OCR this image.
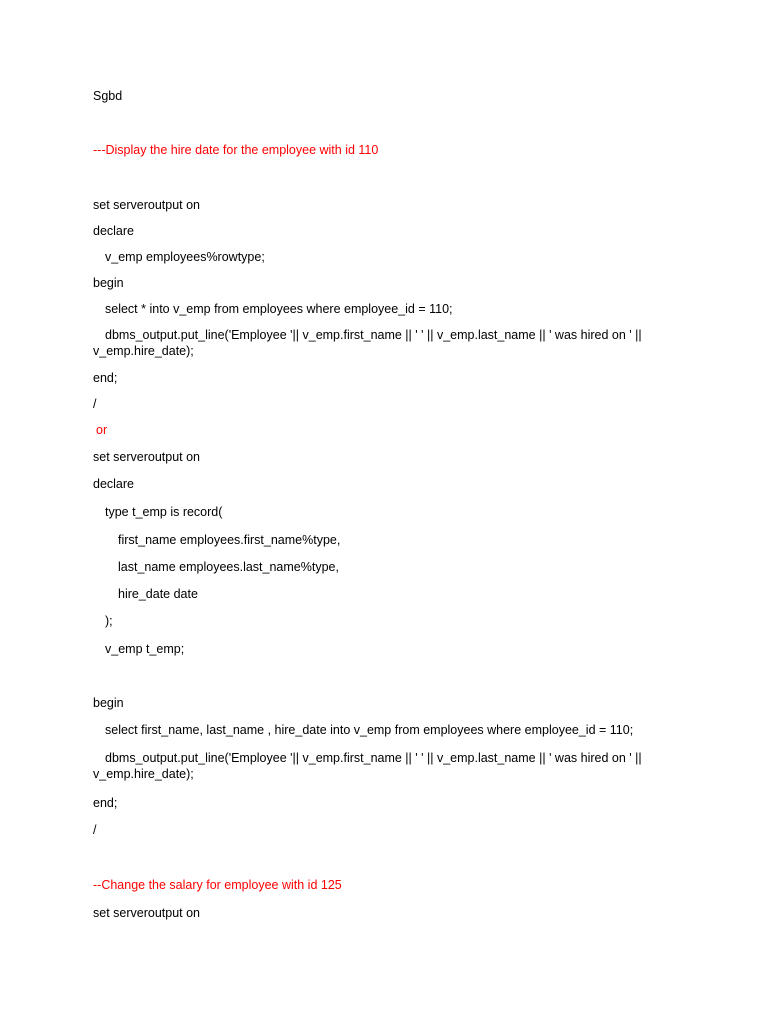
Sgbd
---Display the hire date for the employee with id 110
set serveroutput on
declare
v_emp employees%rowtype;
begin
select * into v_emp from employees where employee_id = 110;
dbms_output.put_line('Employee '|| v_emp.first_name || ' ' || v_emp.last_name || ' was hired on ' || v_emp.hire_date);
end;
/
or
set serveroutput on
declare
type t_emp is record(
first_name employees.first_name%type,
last_name employees.last_name%type,
hire_date date
);
v_emp t_emp;
begin
select first_name, last_name , hire_date into v_emp from employees where employee_id = 110;
dbms_output.put_line('Employee '|| v_emp.first_name || ' ' || v_emp.last_name || ' was hired on ' || v_emp.hire_date);
end;
/
--Change the salary for employee with id 125
set serveroutput on
